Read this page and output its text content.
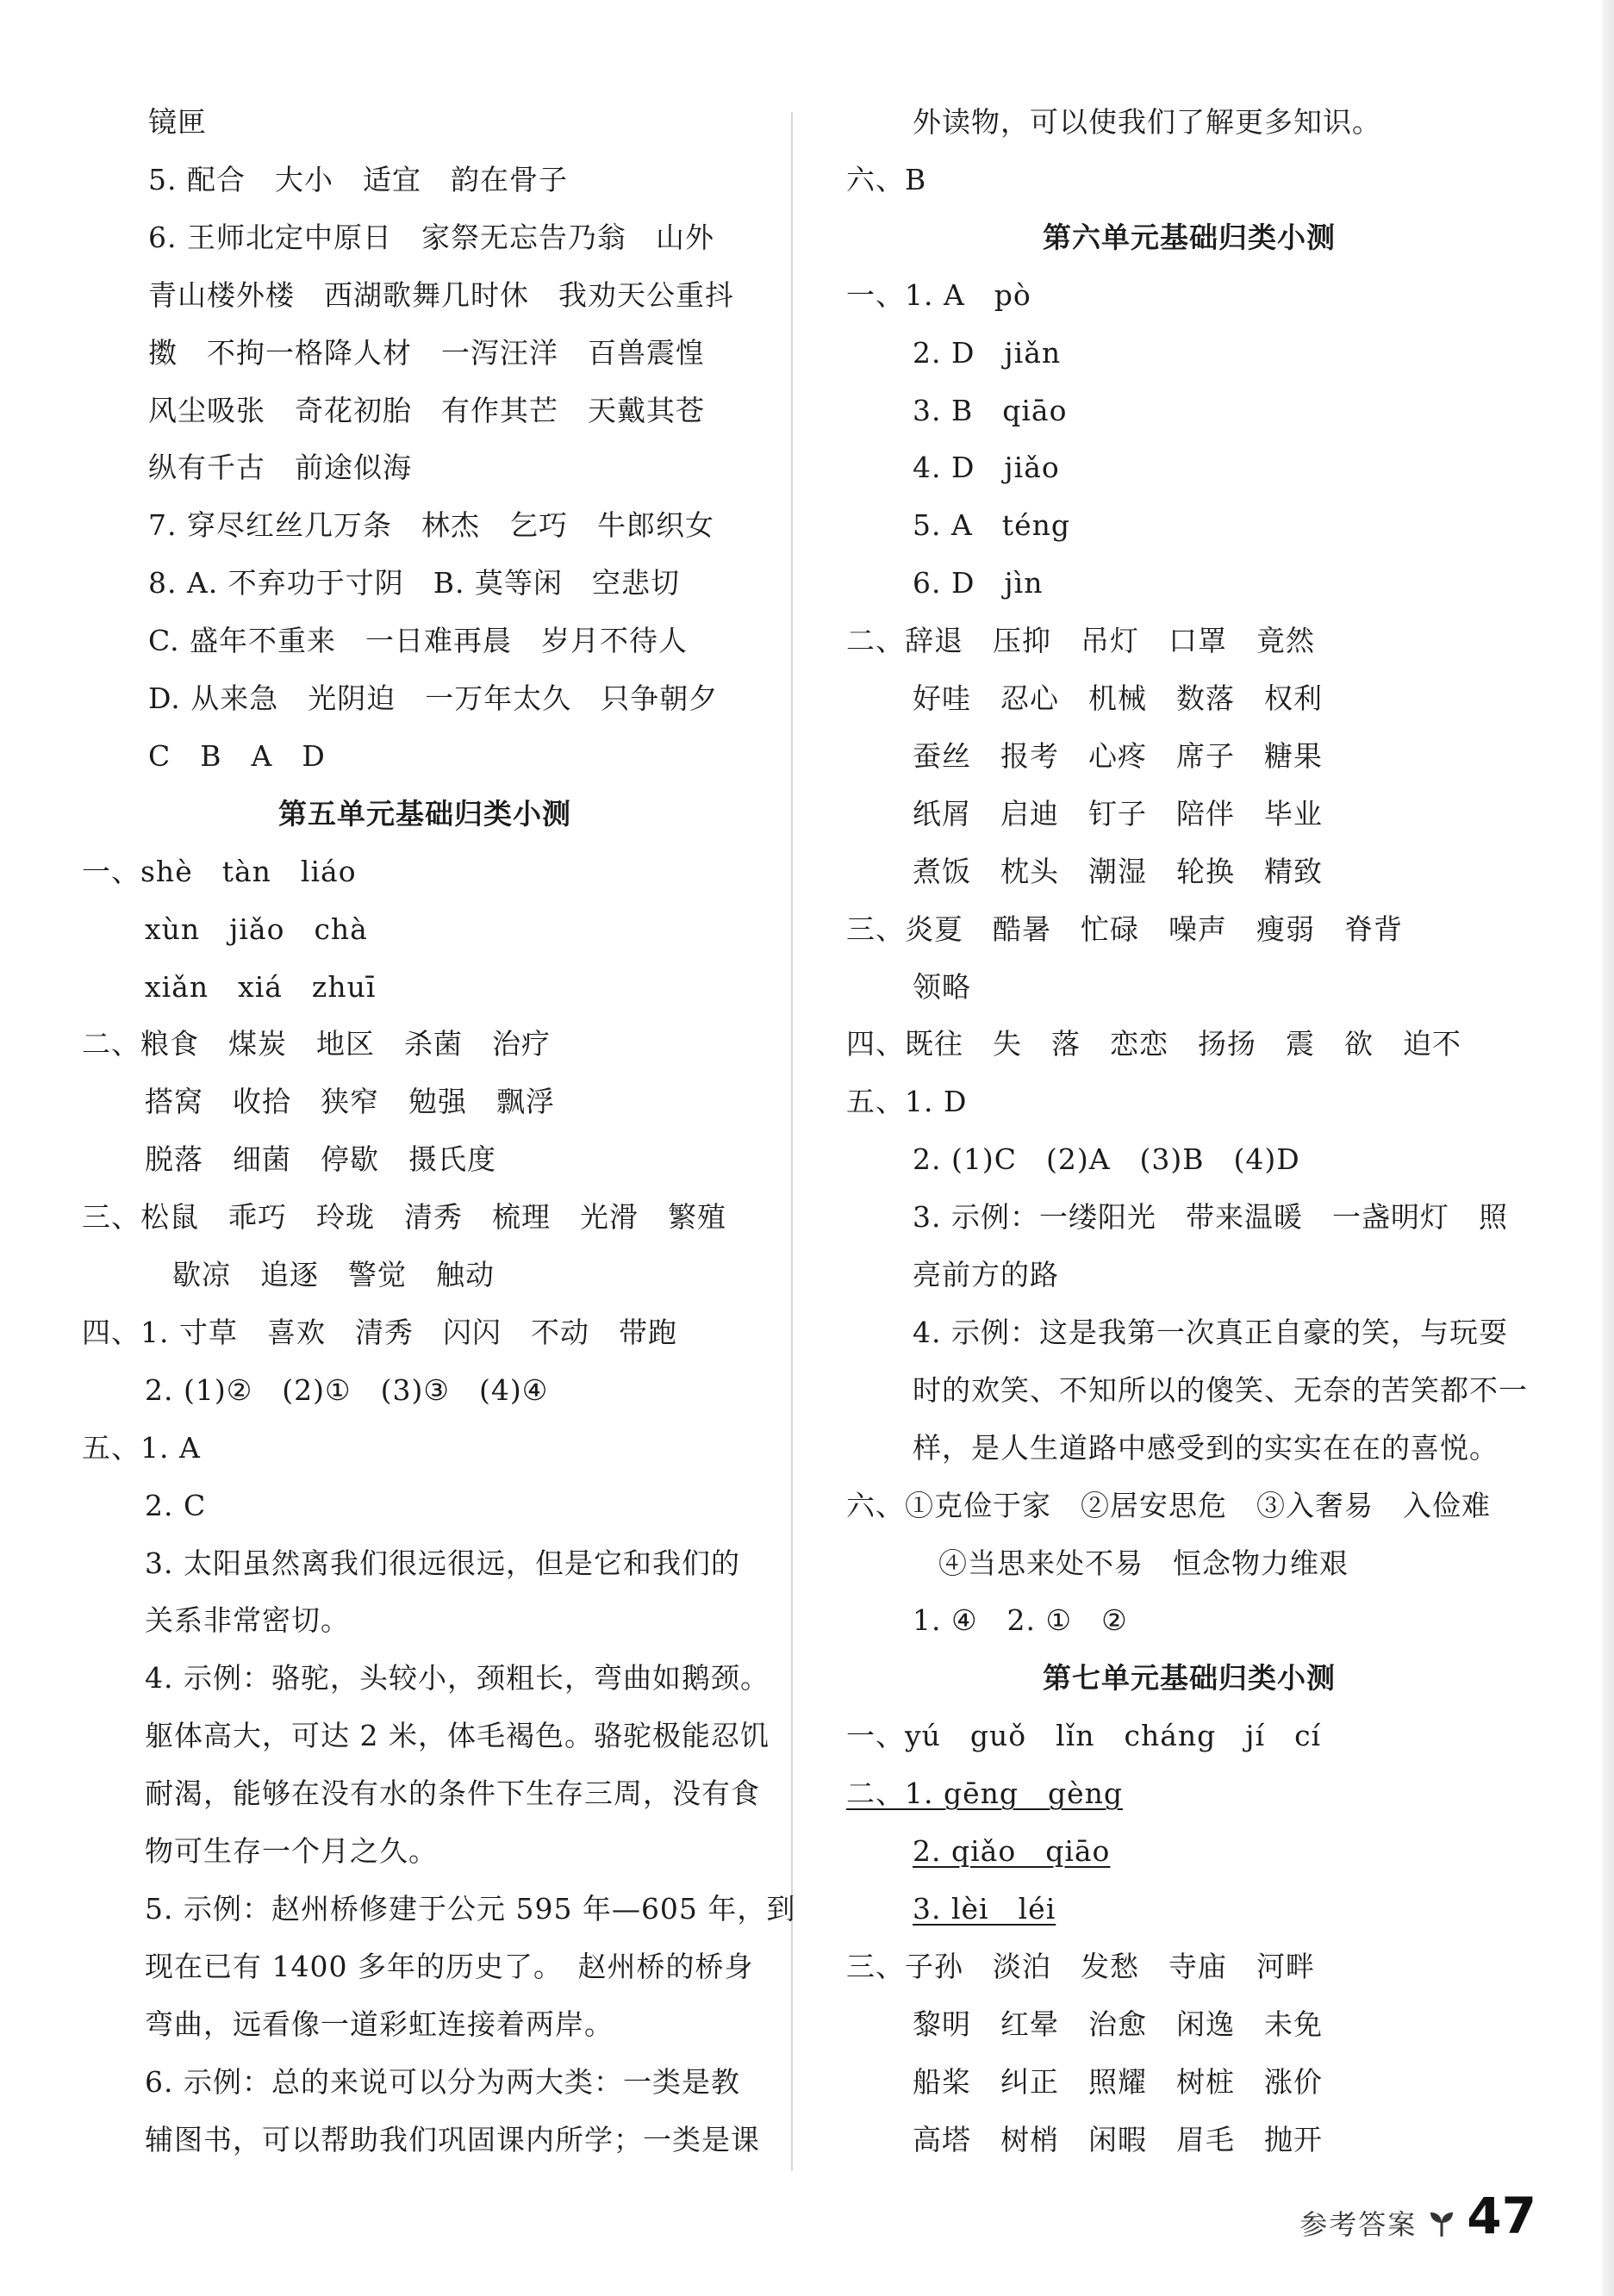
镜匣
5. 配合　大小　适宜　韵在骨子
6. 王师北定中原日　家祭无忘告乃翁　山外
青山楼外楼　西湖歌舞几时休　我劝天公重抖
擞　不拘一格降人材　一泻汪洋　百兽震惶
风尘吸张　奇花初胎　有作其芒　天戴其苍
纵有千古　前途似海
7. 穿尽红丝几万条　林杰　乞巧　牛郎织女
8. A. 不弃功于寸阴　B. 莫等闲　空悲切
C. 盛年不重来　一日难再晨　岁月不待人
D. 从来急　光阴迫　一万年太久　只争朝夕
C　B　A　D
第五单元基础归类小测
一、shè　tàn　liáo
xùn　jiǎo　chà
xiǎn　xiá　zhuī
二、粮食　煤炭　地区　杀菌　治疗
搭窝　收拾　狭窄　勉强　飘浮
脱落　细菌　停歇　摄氏度
三、松鼠　乖巧　玲珑　清秀　梳理　光滑　繁殖
歇凉　追逐　警觉　触动
四、1. 寸草　喜欢　清秀　闪闪　不动　带跑
2. (1)②　(2)①　(3)③　(4)④
五、1. A
2. C
3. 太阳虽然离我们很远很远，但是它和我们的
关系非常密切。
4. 示例：骆驼，头较小，颈粗长，弯曲如鹅颈。
躯体高大，可达 2 米，体毛褐色。骆驼极能忍饥
耐渴，能够在没有水的条件下生存三周，没有食
物可生存一个月之久。
5. 示例：赵州桥修建于公元 595 年—605 年，到
现在已有 1400 多年的历史了。　赵州桥的桥身
弯曲，远看像一道彩虹连接着两岸。
6. 示例：总的来说可以分为两大类：一类是教
辅图书，可以帮助我们巩固课内所学；一类是课
外读物，可以使我们了解更多知识。
六、B
第六单元基础归类小测
一、1. A　pò
2. D　jiǎn
3. B　qiāo
4. D　jiǎo
5. A　téng
6. D　jìn
二、辞退　压抑　吊灯　口罩　竟然
好哇　忍心　机械　数落　权利
蚕丝　报考　心疼　席子　糖果
纸屑　启迪　钉子　陪伴　毕业
煮饭　枕头　潮湿　轮换　精致
三、炎夏　酷暑　忙碌　噪声　瘦弱　脊背
领略
四、既往　失　落　恋恋　扬扬　震　欲　迫不
五、1. D
2. (1)C　(2)A　(3)B　(4)D
3. 示例：一缕阳光　带来温暖　一盏明灯　照
亮前方的路
4. 示例：这是我第一次真正自豪的笑，与玩耍
时的欢笑、不知所以的傻笑、无奈的苦笑都不一
样，是人生道路中感受到的实实在在的喜悦。
六、①克俭于家　②居安思危　③入奢易　入俭难
④当思来处不易　恒念物力维艰
1. ④　2. ①　②
第七单元基础归类小测
一、yú　guǒ　lǐn　cháng　jí　cí
二、1. gēng　gèng
2. qiǎo　qiāo
3. lèi　léi
三、子孙　淡泊　发愁　寺庙　河畔
黎明　红晕　治愈　闲逸　未免
船桨　纠正　照耀　树桩　涨价
高塔　树梢　闲暇　眉毛　抛开
参考答案 47
